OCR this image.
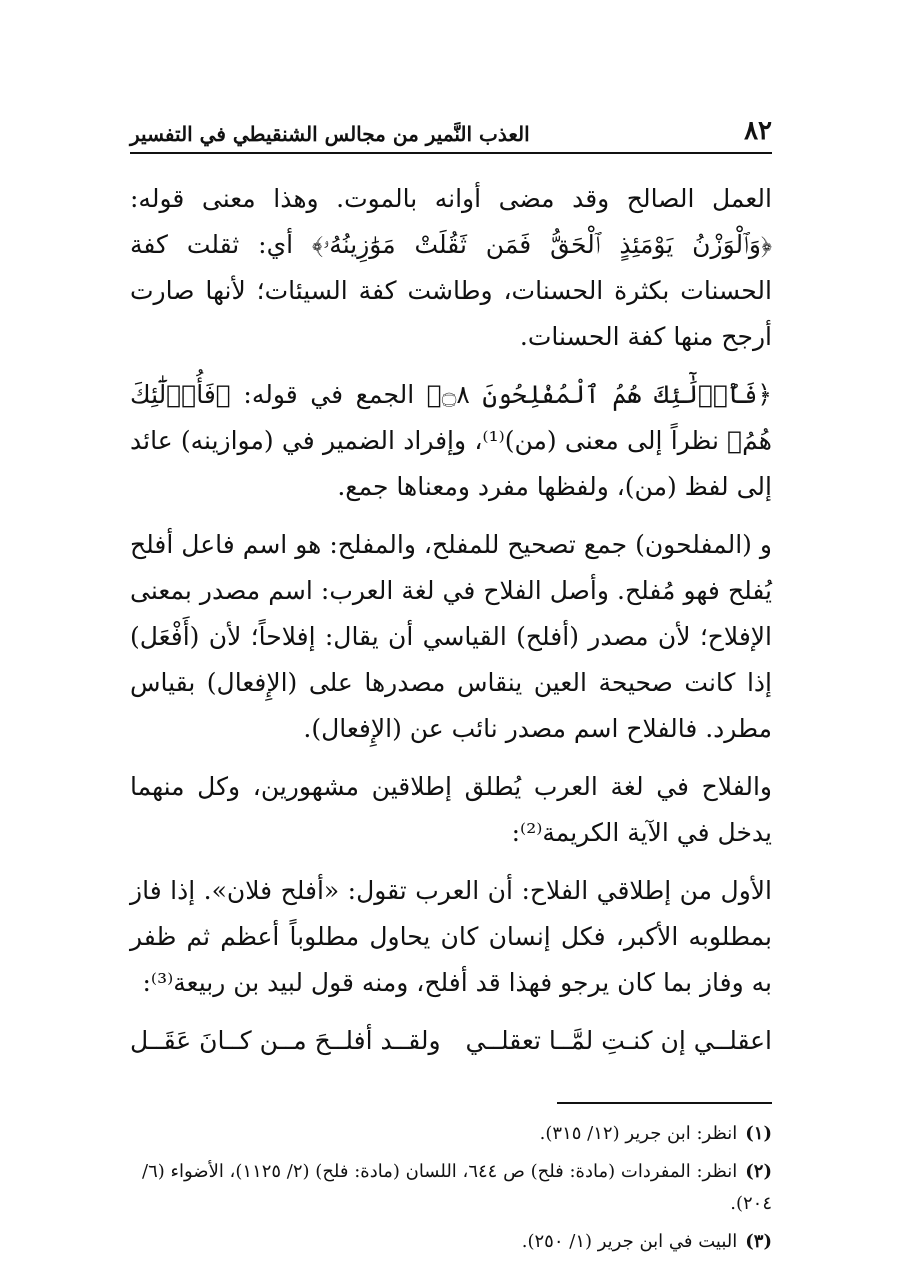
٨٢
العذب النَّمير من مجالس الشنقيطي في التفسير

العمل الصالح وقد مضى أوانه بالموت. وهذا معنى قوله: ﴿وَٱلْوَزْنُ يَوْمَئِذٍ ٱلْحَقُّ فَمَن ثَقُلَتْ مَوَٰزِينُهُۥ﴾ أي: ثقلت كفة الحسنات بكثرة الحسنات، وطاشت كفة السيئات؛ لأنها صارت أرجح منها كفة الحسنات.

﴿فَأُو۟لَٰٓئِكَ هُمُ ٱلْمُفْلِحُونَ ۝٨﴾ الجمع في قوله: ﴿فَأُو۟لَٰٓئِكَ هُمُ﴾ نظراً إلى معنى (من)⁽¹⁾، وإفراد الضمير في (موازينه) عائد إلى لفظ (من)، ولفظها مفرد ومعناها جمع.

و (المفلحون) جمع تصحيح للمفلح، والمفلح: هو اسم فاعل أفلح يُفلح فهو مُفلح. وأصل الفلاح في لغة العرب: اسم مصدر بمعنى الإفلاح؛ لأن مصدر (أفلح) القياسي أن يقال: إفلاحاً؛ لأن (أَفْعَل) إذا كانت صحيحة العين ينقاس مصدرها على (الإِفعال) بقياس مطرد. فالفلاح اسم مصدر نائب عن (الإِفعال).

والفلاح في لغة العرب يُطلق إطلاقين مشهورين، وكل منهما يدخل في الآية الكريمة⁽²⁾:

الأول من إطلاقي الفلاح: أن العرب تقول: «أفلح فلان». إذا فاز بمطلوبه الأكبر، فكل إنسان كان يحاول مطلوباً أعظم ثم ظفر به وفاز بما كان يرجو فهذا قد أفلح، ومنه قول لبيد بن ربيعة⁽³⁾:

اعقلــي إن كنـتِ لمَّــا تعقلــي
ولقــد أفلــحَ مــن كــانَ عَقَــل
(١)انظر: ابن جرير (١٢/ ٣١٥).
(٢)انظر: المفردات (مادة: فلح) ص ٦٤٤، اللسان (مادة: فلح) (٢/ ١١٢٥)، الأضواء (٦/ ٢٠٤).
(٣)البيت في ابن جرير (١/ ٢٥٠).
